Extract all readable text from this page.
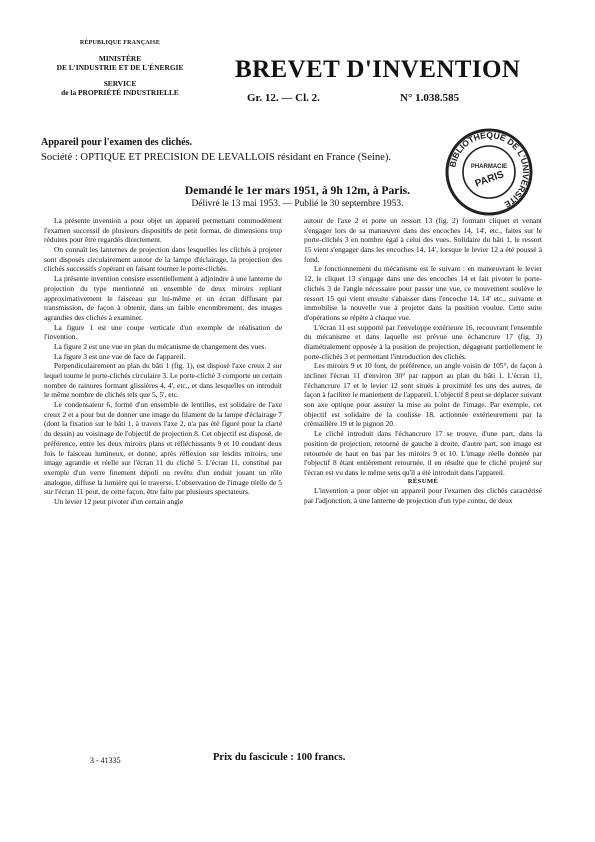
RÉPUBLIQUE FRANÇAISE
MINISTÈRE
DE L'INDUSTRIE ET DE L'ÉNERGIE
SERVICE
de la PROPRIÉTÉ INDUSTRIELLE
BREVET D'INVENTION
Gr. 12. — Cl. 2.	N° 1.038.585
BIBLIOTHÈQUE DE L'UNIVERSITÉ
PHARMACIE
PARIS
Appareil pour l'examen des clichés.
Société : OPTIQUE ET PRÉCISION DE LEVALLOIS résidant en France (Seine).
Demandé le 1er mars 1951, à 9h 12m, à Paris.
Délivré le 13 mai 1953. — Publié le 30 septembre 1953.

La présente invention a pour objet un appareil permettant commodément l'examen successif de plusieurs dispositifs de petit format, de dimensions trop réduites pour être regardés directement.

On connaît les lanternes de projection dans lesquelles les clichés à projeter sont disposés circulairement autour de la lampe d'éclairage, la projection des clichés successifs s'opérant en faisant tourner le porte-clichés.

La présente invention consiste essentiellement à adjoindre à une lanterne de projection du type mentionné un ensemble de deux miroirs repliant approximativement le faisceau sur lui-même et un écran diffusant par transmission, de façon à obtenir, dans un faible encombrement, des images agrandies des clichés à examiner.

La figure 1 est une coupe verticale d'un exemple de réalisation de l'invention.

La figure 2 est une vue en plan du mécanisme de changement des vues.

La figure 3 est une vue de face de l'appareil.

Perpendiculairement au plan du bâti 1 (fig. 1), est disposé l'axe creux 2 sur lequel tourne le porte-clichés circulaire 3. Le porte-cliché 3 comporte un certain nombre de rainures formant glissières 4, 4', etc., et dans lesquelles on introduit le même nombre de clichés tels que 5, 5', etc.

Le condensateur 6, formé d'un ensemble de lentilles, est solidaire de l'axe creux 2 et a pour but de donner une image du filament de la lampe d'éclairage 7 (dont la fixation sur le bâti 1, à travers l'axe 2, n'a pas été figuré pour la clarté du dessin) au voisinage de l'objectif de projection 8. Cet objectif est disposé, de préférence, entre les deux miroirs plans et réfléchissants 9 et 10 coudant deux fois le faisceau lumineux, et donne, après réflexion sur lesdits miroirs, une image agrandie et réelle sur l'écran 11 du cliché 5. L'écran 11, constitué par exemple d'un verre finement dépoli ou revêtu d'un enduit jouant un rôle analogue, diffuse la lumière qui le traverse. L'observation de l'image réelle de 5 sur l'écran 11 peut, de cette façon, être faite par plusieurs spectateurs.

Un levier 12 peut pivoter d'un certain angle

autour de l'axe 2 et porte un ressort 13 (fig. 2) formant cliquet et venant s'engager lors de sa manœuvre dans des encoches 14, 14', etc., faites sur le porte-clichés 3 en nombre égal à celui des vues. Solidaire du bâti 1, le ressort 15 vient s'engager dans les encoches 14, 14', lorsque le levier 12 a été poussé à fond.

Le fonctionnement du mécanisme est le suivant : en manœuvrant le levier 12, le cliquet 13 s'engage dans une des encoches 14 et fait pivoter le porte-clichés 3 de l'angle nécessaire pour passer une vue, ce mouvement soulève le ressort 15 qui vient ensuite s'abaisser dans l'encoche 14, 14' etc., suivante et immobilise la nouvelle vue à projeter dans la position voulue. Cette suite d'opérations se répète à chaque vue.

L'écran 11 est supporté par l'enveloppe extérieure 16, recouvrant l'ensemble du mécanisme et dans laquelle est prévue une échancrure 17 (fig. 3) diamétralement opposée à la position de projection, dégageant partiellement le porte-clichés 3 et permettant l'introduction des clichés.

Les miroirs 9 et 10 font, de préférence, un angle voisin de 105°, de façon à incliner l'écran 11 d'environ 30° par rapport au plan du bâti 1. L'écran 11, l'échancrure 17 et le levier 12 sont situés à proximité les uns des autres, de façon à faciliter le maniement de l'appareil. L'objectif 8 peut se déplacer suivant son axe optique pour assurer la mise au point de l'image. Par exemple, cet objectif est solidaire de la coulisse 18, actionnée extérieurement par la crémaillère 19 et le pignon 20.

Le cliché introduit dans l'échancrure 17 se trouve, d'une part, dans la position de projection, retourné de gauche à droite, d'autre part, son image est retournée de haut en bas par les miroirs 9 et 10. L'image réelle donnée par l'objectif 8 étant entièrement retournée, il en résulte que le cliché projeté sur l'écran est vu dans le même sens qu'il a été introduit dans l'appareil.

RÉSUMÉ

L'invention a pour objet un appareil pour l'examen des clichés caractérisé par l'adjonction, à une lanterne de projection d'un type connu, de deux

3 - 41335	Prix du fascicule : 100 francs.
